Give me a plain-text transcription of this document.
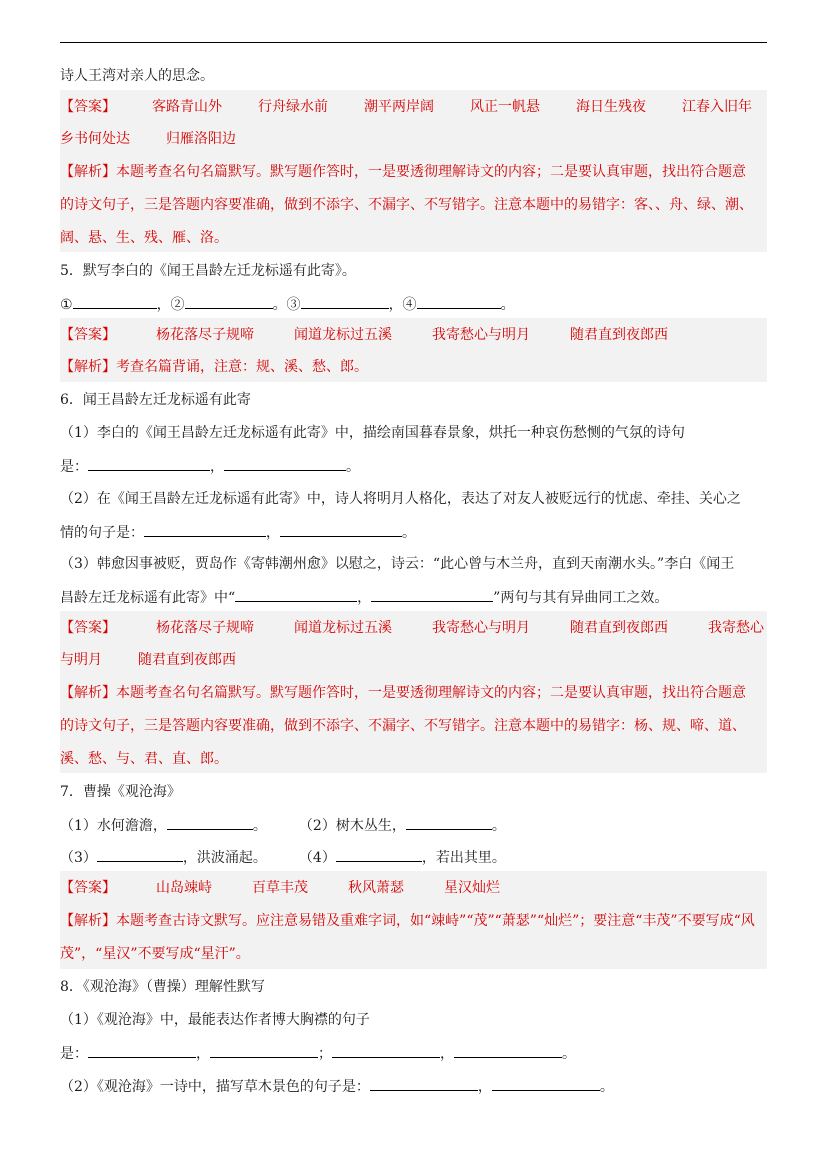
诗人王湾对亲人的思念。
【答案】	客路青山外	行舟绿水前	潮平两岸阔	风正一帆悬	海日生残夜	江春入旧年
乡书何处达	归雁洛阳边
【解析】本题考查名句名篇默写。默写题作答时，一是要透彻理解诗文的内容；二是要认真审题，找出符合题意
的诗文句子，三是答题内容要准确，做到不添字、不漏字、不写错字。注意本题中的易错字：客、、舟、绿、潮、
阔、悬、生、残、雁、洛。
5．默写李白的《闻王昌龄左迁龙标遥有此寄》。
①	，②	。③	，④	。
【答案】	杨花落尽子规啼	闻道龙标过五溪	我寄愁心与明月	随君直到夜郎西
【解析】考查名篇背诵，注意：规、溪、愁、郎。
6．闻王昌龄左迁龙标遥有此寄
（1）李白的《闻王昌龄左迁龙标遥有此寄》中，描绘南国暮春景象，烘托一种哀伤愁恻的气氛的诗句
是：	，	。
（2）在《闻王昌龄左迁龙标遥有此寄》中，诗人将明月人格化，表达了对友人被贬远行的忧虑、牵挂、关心之
情的句子是：	，	。
（3）韩愈因事被贬，贾岛作《寄韩潮州愈》以慰之，诗云：“此心曾与木兰舟，直到天南潮水头。”李白《闻王
昌龄左迁龙标遥有此寄》中“	，	”两句与其有异曲同工之效。
【答案】	杨花落尽子规啼	闻道龙标过五溪	我寄愁心与明月	随君直到夜郎西	我寄愁心
与明月	随君直到夜郎西
【解析】本题考查名句名篇默写。默写题作答时，一是要透彻理解诗文的内容；二是要认真审题，找出符合题意
的诗文句子，三是答题内容要准确，做到不添字、不漏字、不写错字。注意本题中的易错字：杨、规、啼、道、
溪、愁、与、君、直、郎。
7．曹操《观沧海》
（1）水何澹澹，	。 （2）树木丛生，	。
（3）	，洪波涌起。 （4）	，若出其里。
【答案】	山岛竦峙	百草丰茂	秋风萧瑟	星汉灿烂
【解析】本题考查古诗文默写。应注意易错及重难字词，如“竦峙”“茂”“萧瑟”“灿烂”；要注意“丰茂”不要写成“风
茂”，“星汉”不要写成“星汗”。
8．《观沧海》（曹操）理解性默写
（1）《观沧海》中，最能表达作者博大胸襟的句子
是：	，	；	，	。
（2）《观沧海》一诗中，描写草木景色的句子是：	，	。
